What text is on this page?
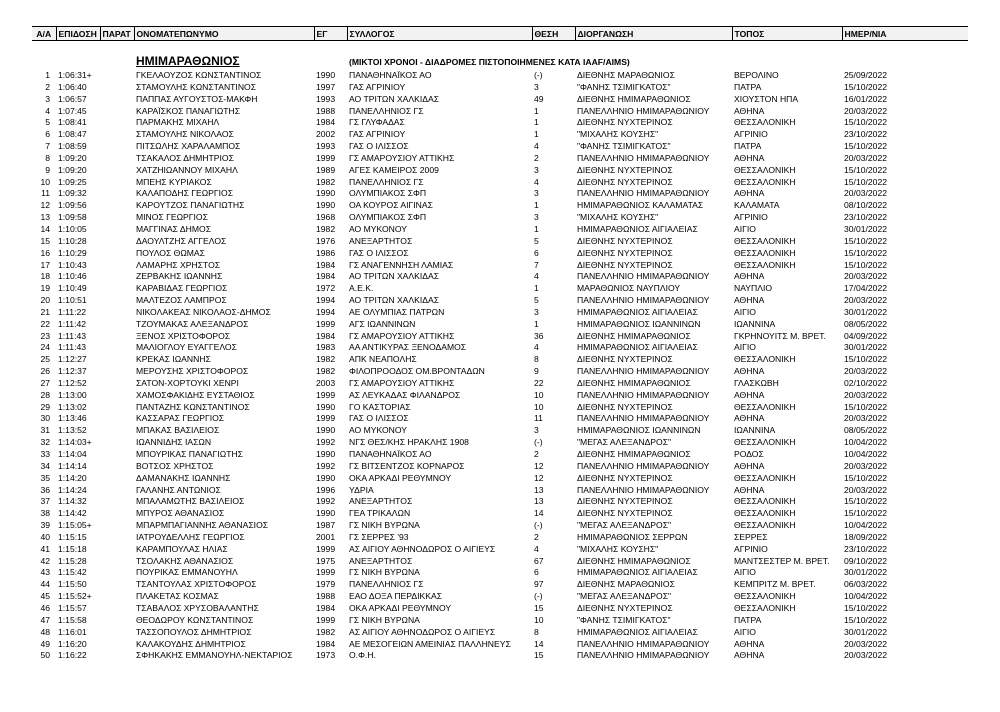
Α/Α	ΕΠΙΔΟΣΗ	ΠΑΡΑΤ	ΟΝΟΜΑΤΕΠΩΝΥΜΟ	ΕΓ	ΣΥΛΛΟΓΟΣ	ΘΕΣΗ	ΔΙΟΡΓΑΝΩΣΗ	ΤΟΠΟΣ	ΗΜΕΡ/ΝΙΑ

			ΗΜΙΜΑΡΑΘΩΝΙΟΣ		(ΜΙΚΤΟΙ ΧΡΟΝΟΙ - ΔΙΑΔΡΟΜΕΣ ΠΙΣΤΟΠΟΙΗΜΕΝΕΣ ΚΑΤΑ IAAF/AIMS)				
1	1:06:31+		ΓΚΕΛΑΟΥΖΟΣ ΚΩΝΣΤΑΝΤΙΝΟΣ	1990	ΠΑΝΑΘΗΝΑΪΚΟΣ ΑΟ	(-)	ΔΙΕΘΝΗΣ ΜΑΡΑΘΩΝΙΟΣ	ΒΕΡΟΛΙΝΟ	25/09/2022
2	1:06:40		ΣΤΑΜΟΥΛΗΣ ΚΩΝΣΤΑΝΤΙΝΟΣ	1997	ΓΑΣ ΑΓΡΙΝΙΟΥ	3	"ΦΑΝΗΣ ΤΣΙΜΙΓΚΑΤΟΣ"	ΠΑΤΡΑ	15/10/2022
3	1:06:57		ΠΑΠΠΑΣ ΑΥΓΟΥΣΤΟΣ-ΜΑΚΦΗ	1993	ΑΟ ΤΡΙΤΩΝ ΧΑΛΚΙΔΑΣ	49	ΔΙΕΘΝΗΣ ΗΜΙΜΑΡΑΘΩΝΙΟΣ	ΧΙΟΥΣΤΟΝ ΗΠΑ	16/01/2022
4	1:07:45		ΚΑΡΑΪΣΚΟΣ ΠΑΝΑΓΙΩΤΗΣ	1988	ΠΑΝΕΛΛΗΝΙΟΣ ΓΣ	1	ΠΑΝΕΛΛΗΝΙΟ ΗΜΙΜΑΡΑΘΩΝΙΟΥ	ΑΘΗΝΑ	20/03/2022
5	1:08:41		ΠΑΡΜΑΚΗΣ ΜΙΧΑΗΛ	1984	ΓΣ ΓΛΥΦΑΔΑΣ	1	ΔΙΕΘΝΗΣ ΝΥΧΤΕΡΙΝΟΣ	ΘΕΣΣΑΛΟΝΙΚΗ	15/10/2022
6	1:08:47		ΣΤΑΜΟΥΛΗΣ ΝΙΚΟΛΑΟΣ	2002	ΓΑΣ ΑΓΡΙΝΙΟΥ	1	"ΜΙΧΑΛΗΣ ΚΟΥΣΗΣ"	ΑΓΡΙΝΙΟ	23/10/2022
7	1:08:59		ΠΙΤΣΩΛΗΣ ΧΑΡΑΛΑΜΠΟΣ	1993	ΓΑΣ Ο ΙΛΙΣΣΟΣ	4	"ΦΑΝΗΣ ΤΣΙΜΙΓΚΑΤΟΣ"	ΠΑΤΡΑ	15/10/2022
8	1:09:20		ΤΣΑΚΑΛΟΣ ΔΗΜΗΤΡΙΟΣ	1999	ΓΣ ΑΜΑΡΟΥΣΙΟΥ ΑΤΤΙΚΗΣ	2	ΠΑΝΕΛΛΗΝΙΟ ΗΜΙΜΑΡΑΘΩΝΙΟΥ	ΑΘΗΝΑ	20/03/2022
9	1:09:20		ΧΑΤΖΗΙΩΑΝΝΟΥ ΜΙΧΑΗΛ	1989	ΑΓΕΣ ΚΑΜΕΙΡΟΣ 2009	3	ΔΙΕΘΝΗΣ ΝΥΧΤΕΡΙΝΟΣ	ΘΕΣΣΑΛΟΝΙΚΗ	15/10/2022
10	1:09:25		ΜΠΕΗΣ ΚΥΡΙΑΚΟΣ	1982	ΠΑΝΕΛΛΗΝΙΟΣ ΓΣ	4	ΔΙΕΘΝΗΣ ΝΥΧΤΕΡΙΝΟΣ	ΘΕΣΣΑΛΟΝΙΚΗ	15/10/2022
11	1:09:32		ΚΑΛΑΠΟΔΗΣ ΓΕΩΡΓΙΟΣ	1990	ΟΛΥΜΠΙΑΚΟΣ ΣΦΠ	3	ΠΑΝΕΛΛΗΝΙΟ ΗΜΙΜΑΡΑΘΩΝΙΟΥ	ΑΘΗΝΑ	20/03/2022
12	1:09:56		ΚΑΡΟΥΤΖΟΣ ΠΑΝΑΓΙΩΤΗΣ	1990	ΟΑ ΚΟΥΡΟΣ ΑΙΓΙΝΑΣ	1	ΗΜΙΜΑΡΑΘΩΝΙΟΣ ΚΑΛΑΜΑΤΑΣ	ΚΑΛΑΜΑΤΑ	08/10/2022
13	1:09:58		ΜΙΝΟΣ ΓΕΩΡΓΙΟΣ	1968	ΟΛΥΜΠΙΑΚΟΣ ΣΦΠ	3	"ΜΙΧΑΛΗΣ ΚΟΥΣΗΣ"	ΑΓΡΙΝΙΟ	23/10/2022
14	1:10:05		ΜΑΓΓΙΝΑΣ ΔΗΜΟΣ	1982	ΑΟ ΜΥΚΟΝΟΥ	1	ΗΜΙΜΑΡΑΘΩΝΙΟΣ ΑΙΓΙΑΛΕΙΑΣ	ΑΙΓΙΟ	30/01/2022
15	1:10:28		ΔΑΟΥΛΤΖΗΣ ΑΓΓΕΛΟΣ	1976	ΑΝΕΞΑΡΤΗΤΟΣ	5	ΔΙΕΘΝΗΣ ΝΥΧΤΕΡΙΝΟΣ	ΘΕΣΣΑΛΟΝΙΚΗ	15/10/2022
16	1:10:29		ΠΟΥΛΟΣ ΘΩΜΑΣ	1986	ΓΑΣ Ο ΙΛΙΣΣΟΣ	6	ΔΙΕΘΝΗΣ ΝΥΧΤΕΡΙΝΟΣ	ΘΕΣΣΑΛΟΝΙΚΗ	15/10/2022
17	1:10:43		ΛΑΜΑΡΗΣ ΧΡΗΣΤΟΣ	1984	ΓΣ ΑΝΑΓΕΝΝΗΣΗ ΛΑΜΙΑΣ	7	ΔΙΕΘΝΗΣ ΝΥΧΤΕΡΙΝΟΣ	ΘΕΣΣΑΛΟΝΙΚΗ	15/10/2022
18	1:10:46		ΖΕΡΒΑΚΗΣ ΙΩΑΝΝΗΣ	1984	ΑΟ ΤΡΙΤΩΝ ΧΑΛΚΙΔΑΣ	4	ΠΑΝΕΛΛΗΝΙΟ ΗΜΙΜΑΡΑΘΩΝΙΟΥ	ΑΘΗΝΑ	20/03/2022
19	1:10:49		ΚΑΡΑΒΙΔΑΣ ΓΕΩΡΓΙΟΣ	1972	Α.Ε.Κ.	1	ΜΑΡΑΘΩΝΙΟΣ ΝΑΥΠΛΙΟΥ	ΝΑΥΠΛΙΟ	17/04/2022
20	1:10:51		ΜΑΛΤΕΖΟΣ ΛΑΜΠΡΟΣ	1994	ΑΟ ΤΡΙΤΩΝ ΧΑΛΚΙΔΑΣ	5	ΠΑΝΕΛΛΗΝΙΟ ΗΜΙΜΑΡΑΘΩΝΙΟΥ	ΑΘΗΝΑ	20/03/2022
21	1:11:22		ΝΙΚΟΛΑΚΕΑΣ ΝΙΚΟΛΑΟΣ-ΔΗΜΟΣ	1994	ΑΕ ΟΛΥΜΠΙΑΣ ΠΑΤΡΩΝ	3	ΗΜΙΜΑΡΑΘΩΝΙΟΣ ΑΙΓΙΑΛΕΙΑΣ	ΑΙΓΙΟ	30/01/2022
22	1:11:42		ΤΖΟΥΜΑΚΑΣ ΑΛΕΞΑΝΔΡΟΣ	1999	ΑΓΣ ΙΩΑΝΝΙΝΩΝ	1	ΗΜΙΜΑΡΑΘΩΝΙΟΣ ΙΩΑΝΝΙΝΩΝ	ΙΩΑΝΝΙΝΑ	08/05/2022
23	1:11:43		ΞΕΝΟΣ ΧΡΙΣΤΟΦΟΡΟΣ	1984	ΓΣ ΑΜΑΡΟΥΣΙΟΥ ΑΤΤΙΚΗΣ	36	ΔΙΕΘΝΗΣ ΗΜΙΜΑΡΑΘΩΝΙΟΣ	ΓΚΡΗΝΟΥΙΤΣ Μ. ΒΡΕΤ.	04/09/2022
24	1:11:43		ΜΑΛΙΟΓΛΟΥ ΕΥΑΓΓΕΛΟΣ	1983	ΑΑ ΑΝΤΙΚΥΡΑΣ ΞΕΝΟΔΑΜΟΣ	4	ΗΜΙΜΑΡΑΘΩΝΙΟΣ ΑΙΓΙΑΛΕΙΑΣ	ΑΙΓΙΟ	30/01/2022
25	1:12:27		ΚΡΕΚΑΣ ΙΩΑΝΝΗΣ	1982	ΑΠΚ ΝΕΑΠΟΛΗΣ	8	ΔΙΕΘΝΗΣ ΝΥΧΤΕΡΙΝΟΣ	ΘΕΣΣΑΛΟΝΙΚΗ	15/10/2022
26	1:12:37		ΜΕΡΟΥΣΗΣ ΧΡΙΣΤΟΦΟΡΟΣ	1982	ΦΙΛΟΠΡΟΟΔΟΣ ΟΜ.ΒΡΟΝΤΑΔΩΝ	9	ΠΑΝΕΛΛΗΝΙΟ ΗΜΙΜΑΡΑΘΩΝΙΟΥ	ΑΘΗΝΑ	20/03/2022
27	1:12:52		ΣΑΤΟΝ-ΧΟΡΤΟΥΚΙ ΧΕΝΡΙ	2003	ΓΣ ΑΜΑΡΟΥΣΙΟΥ ΑΤΤΙΚΗΣ	22	ΔΙΕΘΝΗΣ ΗΜΙΜΑΡΑΘΩΝΙΟΣ	ΓΛΑΣΚΩΒΗ	02/10/2022
28	1:13:00		ΧΑΜΟΣΦΑΚΙΔΗΣ ΕΥΣΤΑΘΙΟΣ	1999	ΑΣ ΛΕΥΚΑΔΑΣ ΦΙΛΑΝΔΡΟΣ	10	ΠΑΝΕΛΛΗΝΙΟ ΗΜΙΜΑΡΑΘΩΝΙΟΥ	ΑΘΗΝΑ	20/03/2022
29	1:13:02		ΠΑΝΤΑΖΗΣ ΚΩΝΣΤΑΝΤΙΝΟΣ	1990	ΓΟ ΚΑΣΤΟΡΙΑΣ	10	ΔΙΕΘΝΗΣ ΝΥΧΤΕΡΙΝΟΣ	ΘΕΣΣΑΛΟΝΙΚΗ	15/10/2022
30	1:13:46		ΚΑΣΣΑΡΑΣ ΓΕΩΡΓΙΟΣ	1999	ΓΑΣ Ο ΙΛΙΣΣΟΣ	11	ΠΑΝΕΛΛΗΝΙΟ ΗΜΙΜΑΡΑΘΩΝΙΟΥ	ΑΘΗΝΑ	20/03/2022
31	1:13:52		ΜΠΑΚΑΣ ΒΑΣΙΛΕΙΟΣ	1990	ΑΟ ΜΥΚΟΝΟΥ	3	ΗΜΙΜΑΡΑΘΩΝΙΟΣ ΙΩΑΝΝΙΝΩΝ	ΙΩΑΝΝΙΝΑ	08/05/2022
32	1:14:03+		ΙΩΑΝΝΙΔΗΣ ΙΑΣΩΝ	1992	ΝΓΣ ΘΕΣ/ΚΗΣ ΗΡΑΚΛΗΣ 1908	(-)	"ΜΕΓΑΣ ΑΛΕΞΑΝΔΡΟΣ"	ΘΕΣΣΑΛΟΝΙΚΗ	10/04/2022
33	1:14:04		ΜΠΟΥΡΙΚΑΣ ΠΑΝΑΓΙΩΤΗΣ	1990	ΠΑΝΑΘΗΝΑΪΚΟΣ ΑΟ	2	ΔΙΕΘΝΗΣ ΗΜΙΜΑΡΑΘΩΝΙΟΣ	ΡΟΔΟΣ	10/04/2022
34	1:14:14		ΒΟΤΣΟΣ ΧΡΗΣΤΟΣ	1992	ΓΣ ΒΙΤΣΕΝΤΖΟΣ ΚΟΡΝΑΡΟΣ	12	ΠΑΝΕΛΛΗΝΙΟ ΗΜΙΜΑΡΑΘΩΝΙΟΥ	ΑΘΗΝΑ	20/03/2022
35	1:14:20		ΔΑΜΑΝΑΚΗΣ ΙΩΑΝΝΗΣ	1990	ΟΚΑ ΑΡΚΑΔΙ ΡΕΘΥΜΝΟΥ	12	ΔΙΕΘΝΗΣ ΝΥΧΤΕΡΙΝΟΣ	ΘΕΣΣΑΛΟΝΙΚΗ	15/10/2022
36	1:14:24		ΓΑΛΑΝΗΣ ΑΝΤΩΝΙΟΣ	1996	ΥΔΡΙΑ	13	ΠΑΝΕΛΛΗΝΙΟ ΗΜΙΜΑΡΑΘΩΝΙΟΥ	ΑΘΗΝΑ	20/03/2022
37	1:14:32		ΜΠΑΛΑΜΩΤΗΣ ΒΑΣΙΛΕΙΟΣ	1992	ΑΝΕΞΑΡΤΗΤΟΣ	13	ΔΙΕΘΝΗΣ ΝΥΧΤΕΡΙΝΟΣ	ΘΕΣΣΑΛΟΝΙΚΗ	15/10/2022
38	1:14:42		ΜΠΥΡΟΣ ΑΘΑΝΑΣΙΟΣ	1990	ΓΕΑ ΤΡΙΚΑΛΩΝ	14	ΔΙΕΘΝΗΣ ΝΥΧΤΕΡΙΝΟΣ	ΘΕΣΣΑΛΟΝΙΚΗ	15/10/2022
39	1:15:05+		ΜΠΑΡΜΠΑΓΙΑΝΝΗΣ ΑΘΑΝΑΣΙΟΣ	1987	ΓΣ ΝΙΚΗ ΒΥΡΩΝΑ	(-)	"ΜΕΓΑΣ ΑΛΕΞΑΝΔΡΟΣ"	ΘΕΣΣΑΛΟΝΙΚΗ	10/04/2022
40	1:15:15		ΙΑΤΡΟΥΔΕΛΛΗΣ ΓΕΩΡΓΙΟΣ	2001	ΓΣ ΣΕΡΡΕΣ '93	2	ΗΜΙΜΑΡΑΘΩΝΙΟΣ ΣΕΡΡΩΝ	ΣΕΡΡΕΣ	18/09/2022
41	1:15:18		ΚΑΡΑΜΠΟΥΛΑΣ ΗΛΙΑΣ	1999	ΑΣ ΑΙΓΙΟΥ ΑΘΗΝΟΔΩΡΟΣ Ο ΑΙΓΙΕΥΣ	4	"ΜΙΧΑΛΗΣ ΚΟΥΣΗΣ"	ΑΓΡΙΝΙΟ	23/10/2022
42	1:15:28		ΤΣΟΛΑΚΗΣ ΑΘΑΝΑΣΙΟΣ	1975	ΑΝΕΞΑΡΤΗΤΟΣ	67	ΔΙΕΘΝΗΣ ΗΜΙΜΑΡΑΘΩΝΙΟΣ	ΜΑΝΤΣΕΣΤΕΡ Μ. ΒΡΕΤ.	09/10/2022
43	1:15:42		ΠΟΥΡΙΚΑΣ ΕΜΜΑΝΟΥΗΛ	1999	ΓΣ ΝΙΚΗ ΒΥΡΩΝΑ	6	ΗΜΙΜΑΡΑΘΩΝΙΟΣ ΑΙΓΙΑΛΕΙΑΣ	ΑΙΓΙΟ	30/01/2022
44	1:15:50		ΤΣΑΝΤΟΥΛΑΣ ΧΡΙΣΤΟΦΟΡΟΣ	1979	ΠΑΝΕΛΛΗΝΙΟΣ ΓΣ	97	ΔΙΕΘΝΗΣ ΜΑΡΑΘΩΝΙΟΣ	ΚΕΜΠΡΙΤΖ Μ. ΒΡΕΤ.	06/03/2022
45	1:15:52+		ΠΛΑΚΕΤΑΣ ΚΟΣΜΑΣ	1988	ΕΑΟ ΔΟΞΑ ΠΕΡΔΙΚΚΑΣ	(-)	"ΜΕΓΑΣ ΑΛΕΞΑΝΔΡΟΣ"	ΘΕΣΣΑΛΟΝΙΚΗ	10/04/2022
46	1:15:57		ΤΣΑΒΑΛΟΣ ΧΡΥΣΟΒΑΛΑΝΤΗΣ	1984	ΟΚΑ ΑΡΚΑΔΙ ΡΕΘΥΜΝΟΥ	15	ΔΙΕΘΝΗΣ ΝΥΧΤΕΡΙΝΟΣ	ΘΕΣΣΑΛΟΝΙΚΗ	15/10/2022
47	1:15:58		ΘΕΟΔΩΡΟΥ ΚΩΝΣΤΑΝΤΙΝΟΣ	1999	ΓΣ ΝΙΚΗ ΒΥΡΩΝΑ	10	"ΦΑΝΗΣ ΤΣΙΜΙΓΚΑΤΟΣ"	ΠΑΤΡΑ	15/10/2022
48	1:16:01		ΤΑΣΣΟΠΟΥΛΟΣ ΔΗΜΗΤΡΙΟΣ	1982	ΑΣ ΑΙΓΙΟΥ ΑΘΗΝΟΔΩΡΟΣ Ο ΑΙΓΙΕΥΣ	8	ΗΜΙΜΑΡΑΘΩΝΙΟΣ ΑΙΓΙΑΛΕΙΑΣ	ΑΙΓΙΟ	30/01/2022
49	1:16:20		ΚΑΛΑΚΟΥΔΗΣ ΔΗΜΗΤΡΙΟΣ	1984	ΑΕ ΜΕΣΟΓΕΙΩΝ ΑΜΕΙΝΙΑΣ ΠΑΛΛΗΝΕΥΣ	14	ΠΑΝΕΛΛΗΝΙΟ ΗΜΙΜΑΡΑΘΩΝΙΟΥ	ΑΘΗΝΑ	20/03/2022
50	1:16:22		ΣΦΗΚΑΚΗΣ ΕΜΜΑΝΟΥΗΛ-ΝΕΚΤΑΡΙΟΣ	1973	Ο.Φ.Η.	15	ΠΑΝΕΛΛΗΝΙΟ ΗΜΙΜΑΡΑΘΩΝΙΟΥ	ΑΘΗΝΑ	20/03/2022
